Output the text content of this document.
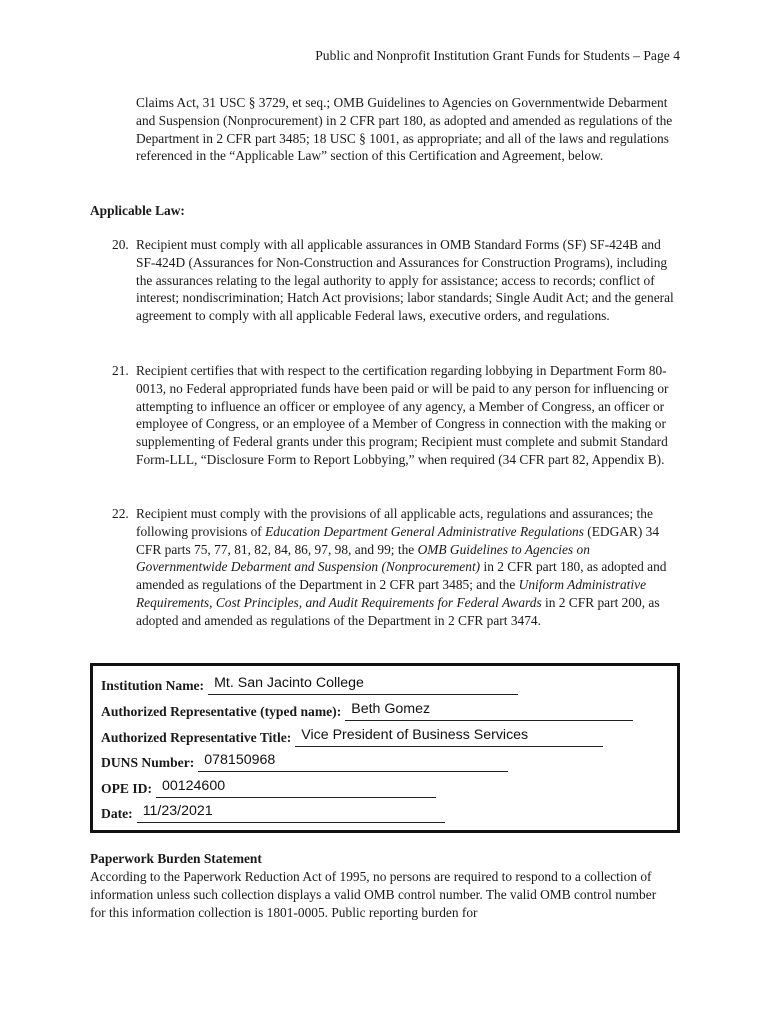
Public and Nonprofit Institution Grant Funds for Students – Page 4
Claims Act, 31 USC § 3729, et seq.; OMB Guidelines to Agencies on Governmentwide Debarment and Suspension (Nonprocurement) in 2 CFR part 180, as adopted and amended as regulations of the Department in 2 CFR part 3485; 18 USC § 1001, as appropriate; and all of the laws and regulations referenced in the “Applicable Law” section of this Certification and Agreement, below.
Applicable Law:
20. Recipient must comply with all applicable assurances in OMB Standard Forms (SF) SF-424B and SF-424D (Assurances for Non-Construction and Assurances for Construction Programs), including the assurances relating to the legal authority to apply for assistance; access to records; conflict of interest; nondiscrimination; Hatch Act provisions; labor standards; Single Audit Act; and the general agreement to comply with all applicable Federal laws, executive orders, and regulations.
21. Recipient certifies that with respect to the certification regarding lobbying in Department Form 80-0013, no Federal appropriated funds have been paid or will be paid to any person for influencing or attempting to influence an officer or employee of any agency, a Member of Congress, an officer or employee of Congress, or an employee of a Member of Congress in connection with the making or supplementing of Federal grants under this program; Recipient must complete and submit Standard Form-LLL, “Disclosure Form to Report Lobbying,” when required (34 CFR part 82, Appendix B).
22. Recipient must comply with the provisions of all applicable acts, regulations and assurances; the following provisions of Education Department General Administrative Regulations (EDGAR) 34 CFR parts 75, 77, 81, 82, 84, 86, 97, 98, and 99; the OMB Guidelines to Agencies on Governmentwide Debarment and Suspension (Nonprocurement) in 2 CFR part 180, as adopted and amended as regulations of the Department in 2 CFR part 3485; and the Uniform Administrative Requirements, Cost Principles, and Audit Requirements for Federal Awards in 2 CFR part 200, as adopted and amended as regulations of the Department in 2 CFR part 3474.
Institution Name: Mt. San Jacinto College
Authorized Representative (typed name): Beth Gomez
Authorized Representative Title: Vice President of Business Services
DUNS Number: 078150968
OPE ID: 00124600
Date: 11/23/2021
Paperwork Burden Statement
According to the Paperwork Reduction Act of 1995, no persons are required to respond to a collection of information unless such collection displays a valid OMB control number. The valid OMB control number for this information collection is 1801-0005. Public reporting burden for
